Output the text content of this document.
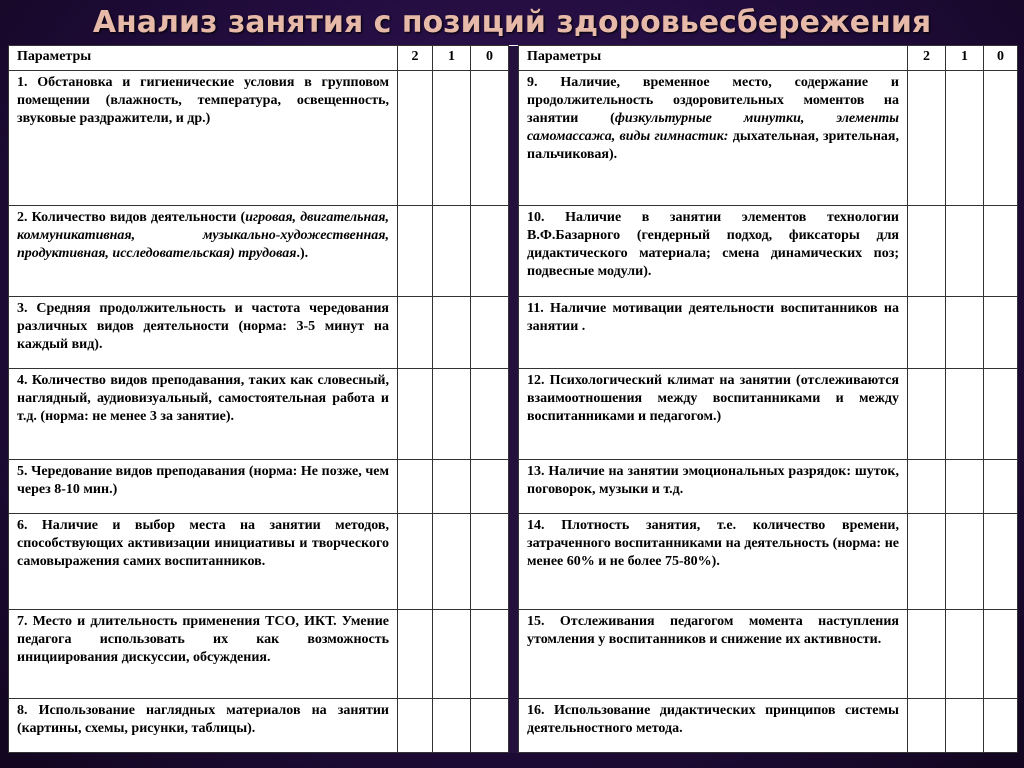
Анализ занятия с позиций здоровьесбережения
Параметры	2	1	0		Параметры	2	1	0
1. Обстановка и гигиенические условия в групповом помещении (влажность, температура, освещенность, звуковые раздражители, и др.)					9. Наличие, временное место, содержание и продолжительность оздоровительных моментов на занятии (физкультурные минутки, элементы самомассажа, виды гимнастик: дыхательная, зрительная, пальчиковая).			
2. Количество видов деятельности (игровая, двигательная, коммуникативная, музыкально-художественная, продуктивная, исследовательская) трудовая.).					10. Наличие в занятии элементов технологии В.Ф.Базарного (гендерный подход, фиксаторы для дидактического материала; смена динамических поз; подвесные модули).			
3. Средняя продолжительность и частота чередования различных видов деятельности (норма: 3-5 минут на каждый вид).					11. Наличие мотивации деятельности воспитанников на занятии .			
4. Количество видов преподавания, таких как словесный, наглядный, аудиовизуальный, самостоятельная работа и т.д. (норма: не менее 3 за занятие).					12. Психологический климат на занятии (отслеживаются взаимоотношения между воспитанниками и между воспитанниками и педагогом.)			
5. Чередование видов преподавания (норма: Не позже, чем через 8-10 мин.)					13. Наличие на занятии эмоциональных разрядок: шуток, поговорок, музыки и т.д.			
6. Наличие и выбор места на занятии методов, способствующих активизации инициативы и творческого самовыражения самих воспитанников.					14. Плотность занятия, т.е. количество времени, затраченного воспитанниками на деятельность (норма: не менее 60% и не более 75-80%).			
7. Место и длительность применения ТСО, ИКТ. Умение педагога использовать их как возможность инициирования дискуссии, обсуждения.					15. Отслеживания педагогом момента наступления утомления у воспитанников и снижение их активности.			
8. Использование наглядных материалов на занятии (картины, схемы, рисунки, таблицы).					16. Использование дидактических принципов системы деятельностного метода.			
